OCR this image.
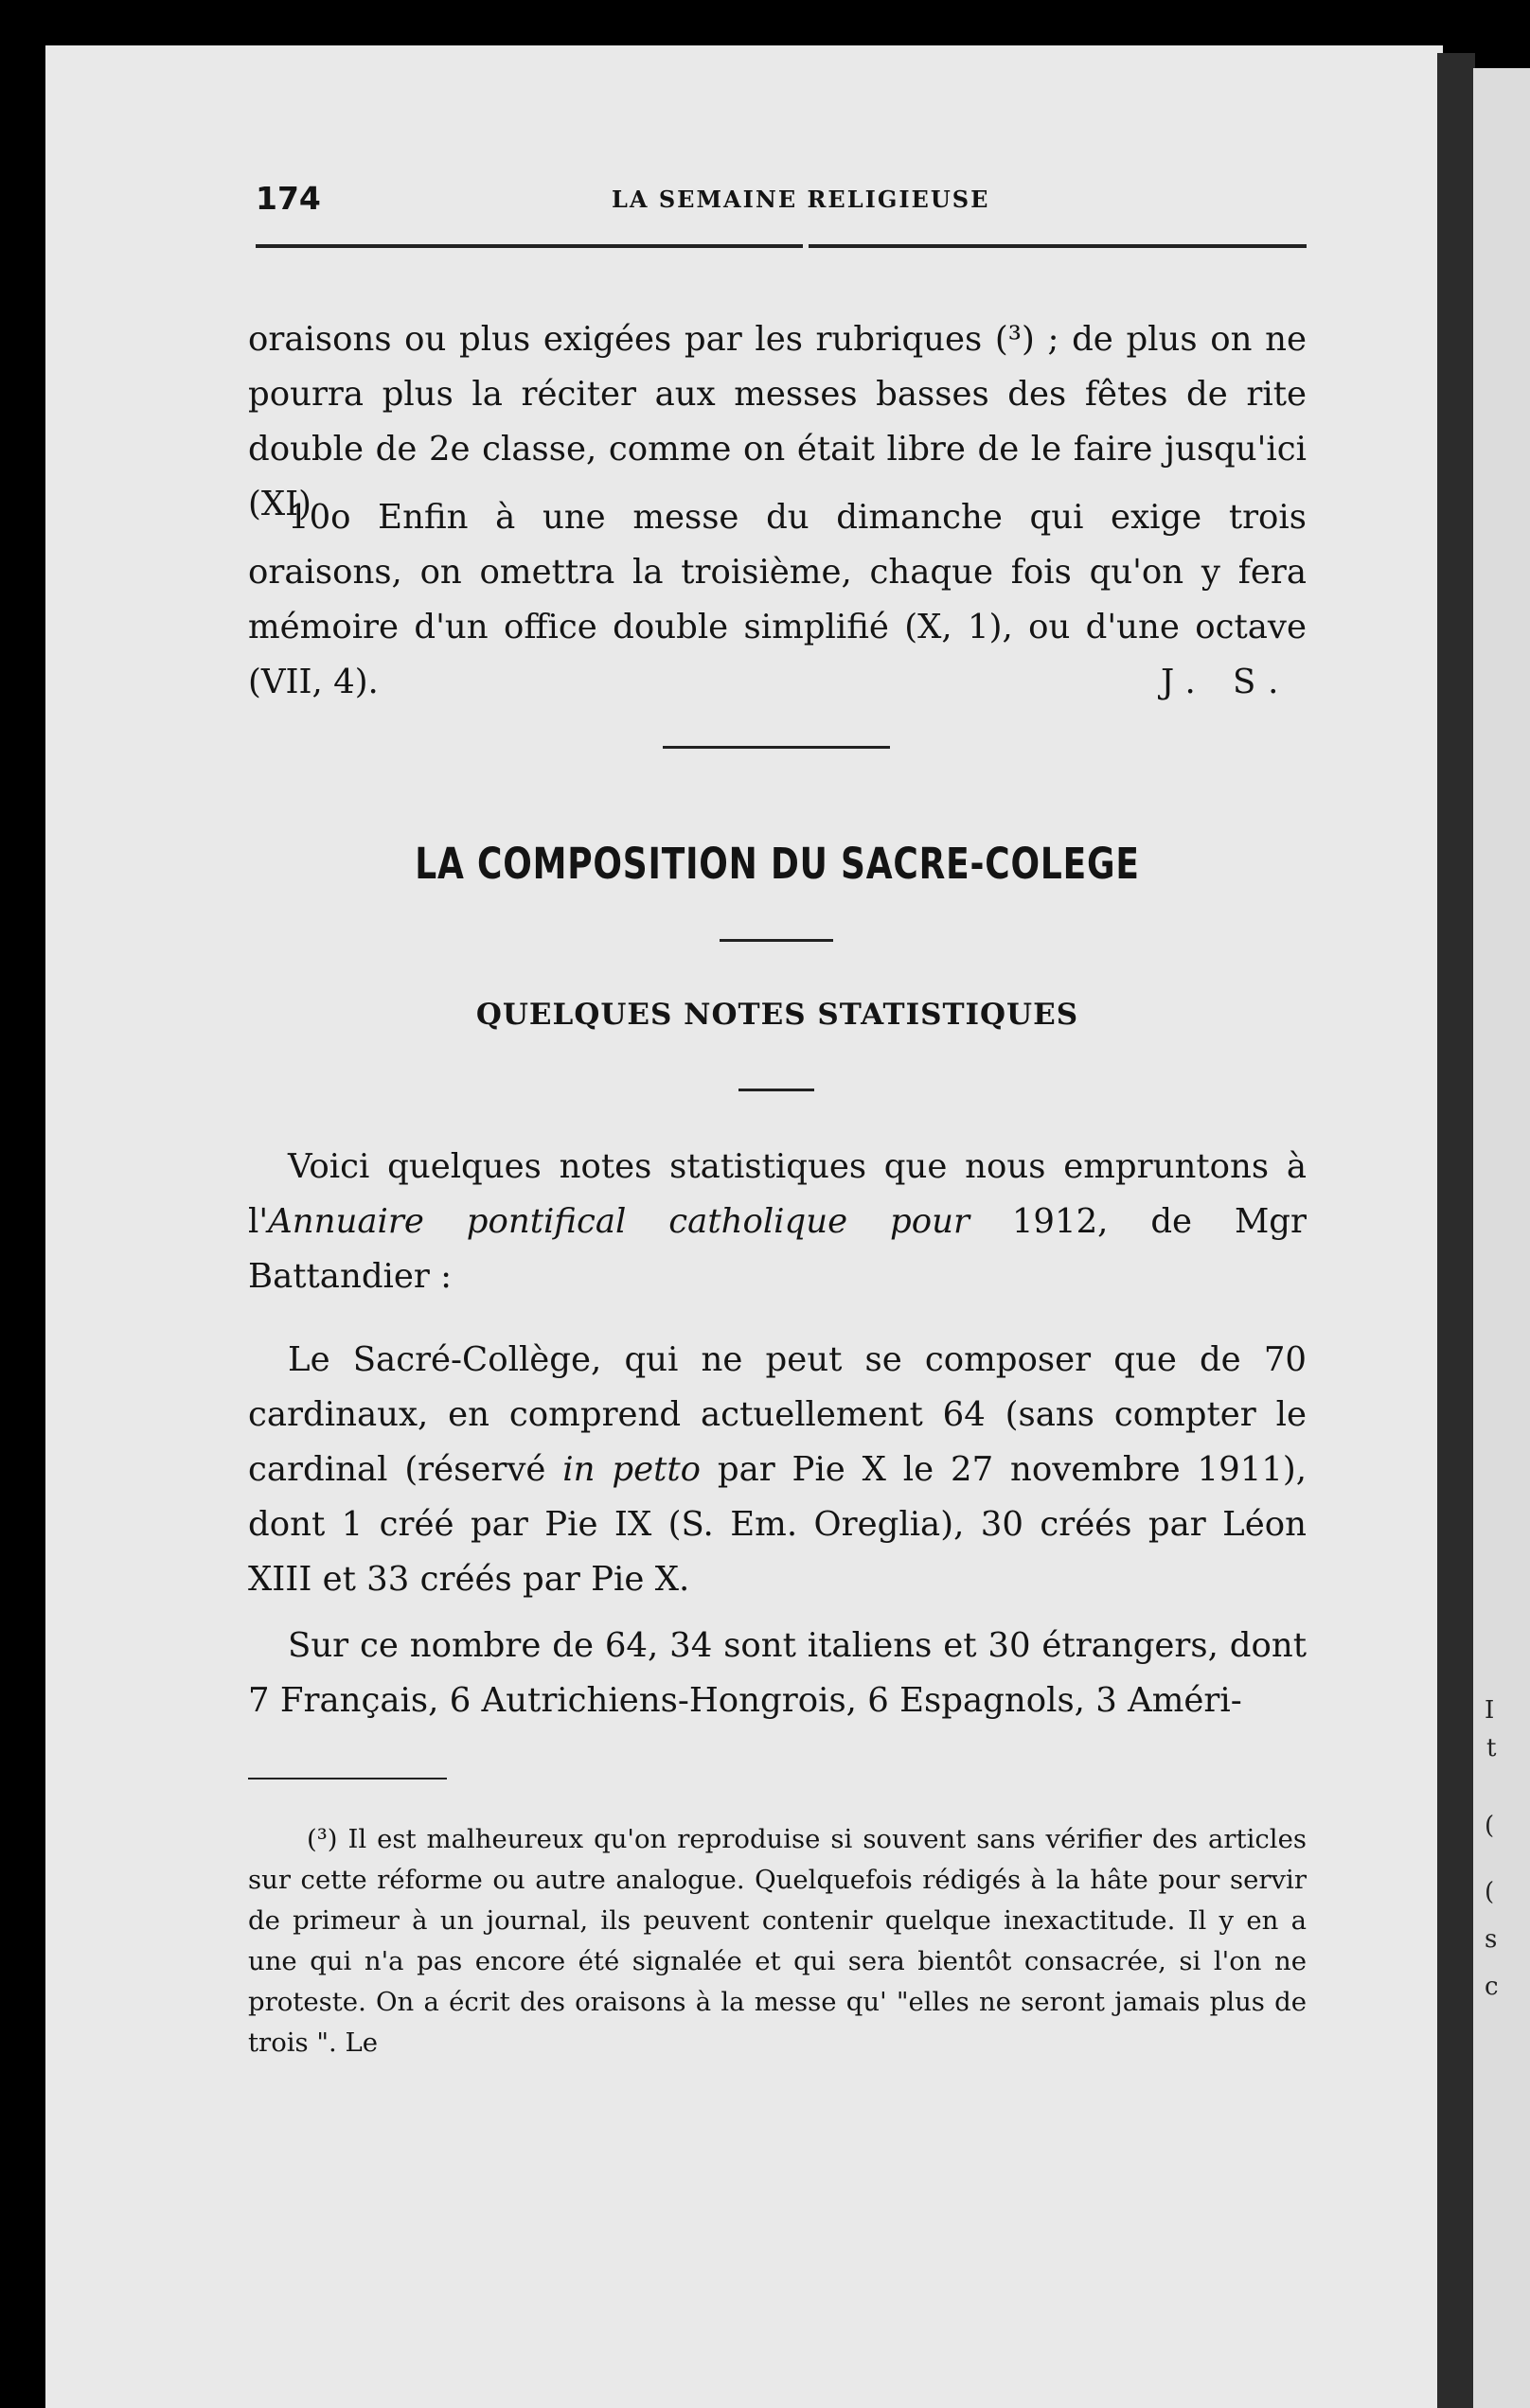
I
t
(
(
s
c
174	LA SEMAINE RELIGIEUSE

oraisons ou plus exigées par les rubriques (³) ; de plus on ne pourra plus la réciter aux messes basses des fêtes de rite double de 2e classe, comme on était libre de le faire jusqu'ici (XI)

10o Enfin à une messe du dimanche qui exige trois oraisons, on omettra la troisième, chaque fois qu'on y fera mémoire d'un office double simplifié (X, 1), ou d'une octave (VII, 4).	J. S.
LA COMPOSITION DU SACRE-COLEGE
QUELQUES NOTES STATISTIQUES

Voici quelques notes statistiques que nous empruntons à l'Annuaire pontifical catholique pour 1912, de Mgr Battandier :

Le Sacré-Collège, qui ne peut se composer que de 70 cardinaux, en comprend actuellement 64 (sans compter le cardinal (réservé in petto par Pie X le 27 novembre 1911), dont 1 créé par Pie IX (S. Em. Oreglia), 30 créés par Léon XIII et 33 créés par Pie X.

Sur ce nombre de 64, 34 sont italiens et 30 étrangers, dont 7 Français, 6 Autrichiens-Hongrois, 6 Espagnols, 3 Améri-

(³) Il est malheureux qu'on reproduise si souvent sans vérifier des articles sur cette réforme ou autre analogue. Quelquefois rédigés à la hâte pour servir de primeur à un journal, ils peuvent contenir quelque inexactitude. Il y en a une qui n'a pas encore été signalée et qui sera bientôt consacrée, si l'on ne proteste. On a écrit des oraisons à la messe qu' "elles ne seront jamais plus de trois ". Le
